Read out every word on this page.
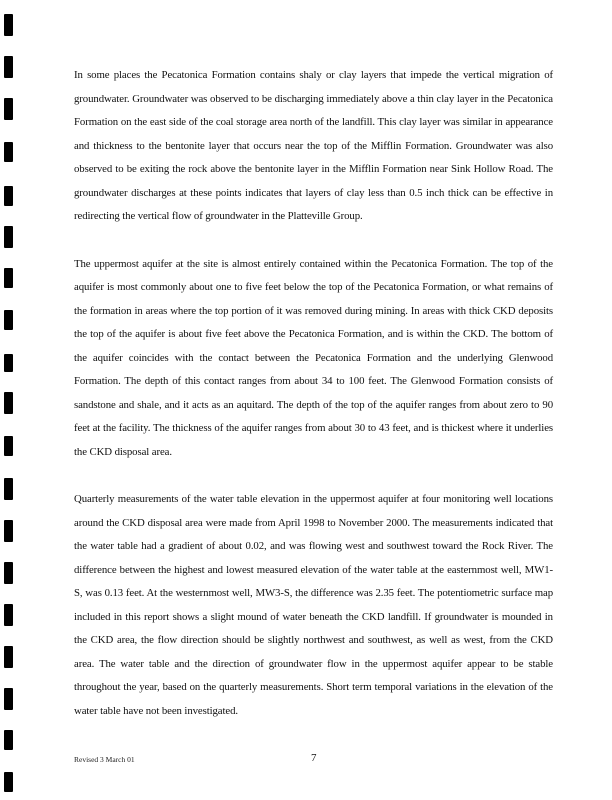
In some places the Pecatonica Formation contains shaly or clay layers that impede the vertical migration of groundwater. Groundwater was observed to be discharging immediately above a thin clay layer in the Pecatonica Formation on the east side of the coal storage area north of the landfill. This clay layer was similar in appearance and thickness to the bentonite layer that occurs near the top of the Mifflin Formation. Groundwater was also observed to be exiting the rock above the bentonite layer in the Mifflin Formation near Sink Hollow Road. The groundwater discharges at these points indicates that layers of clay less than 0.5 inch thick can be effective in redirecting the vertical flow of groundwater in the Platteville Group.

The uppermost aquifer at the site is almost entirely contained within the Pecatonica Formation. The top of the aquifer is most commonly about one to five feet below the top of the Pecatonica Formation, or what remains of the formation in areas where the top portion of it was removed during mining. In areas with thick CKD deposits the top of the aquifer is about five feet above the Pecatonica Formation, and is within the CKD. The bottom of the aquifer coincides with the contact between the Pecatonica Formation and the underlying Glenwood Formation. The depth of this contact ranges from about 34 to 100 feet. The Glenwood Formation consists of sandstone and shale, and it acts as an aquitard. The depth of the top of the aquifer ranges from about zero to 90 feet at the facility. The thickness of the aquifer ranges from about 30 to 43 feet, and is thickest where it underlies the CKD disposal area.

Quarterly measurements of the water table elevation in the uppermost aquifer at four monitoring well locations around the CKD disposal area were made from April 1998 to November 2000. The measurements indicated that the water table had a gradient of about 0.02, and was flowing west and southwest toward the Rock River. The difference between the highest and lowest measured elevation of the water table at the easternmost well, MW1-S, was 0.13 feet. At the westernmost well, MW3-S, the difference was 2.35 feet. The potentiometric surface map included in this report shows a slight mound of water beneath the CKD landfill. If groundwater is mounded in the CKD area, the flow direction should be slightly northwest and southwest, as well as west, from the CKD area. The water table and the direction of groundwater flow in the uppermost aquifer appear to be stable throughout the year, based on the quarterly measurements. Short term temporal variations in the elevation of the water table have not been investigated.

Revised 3 March 01	7
